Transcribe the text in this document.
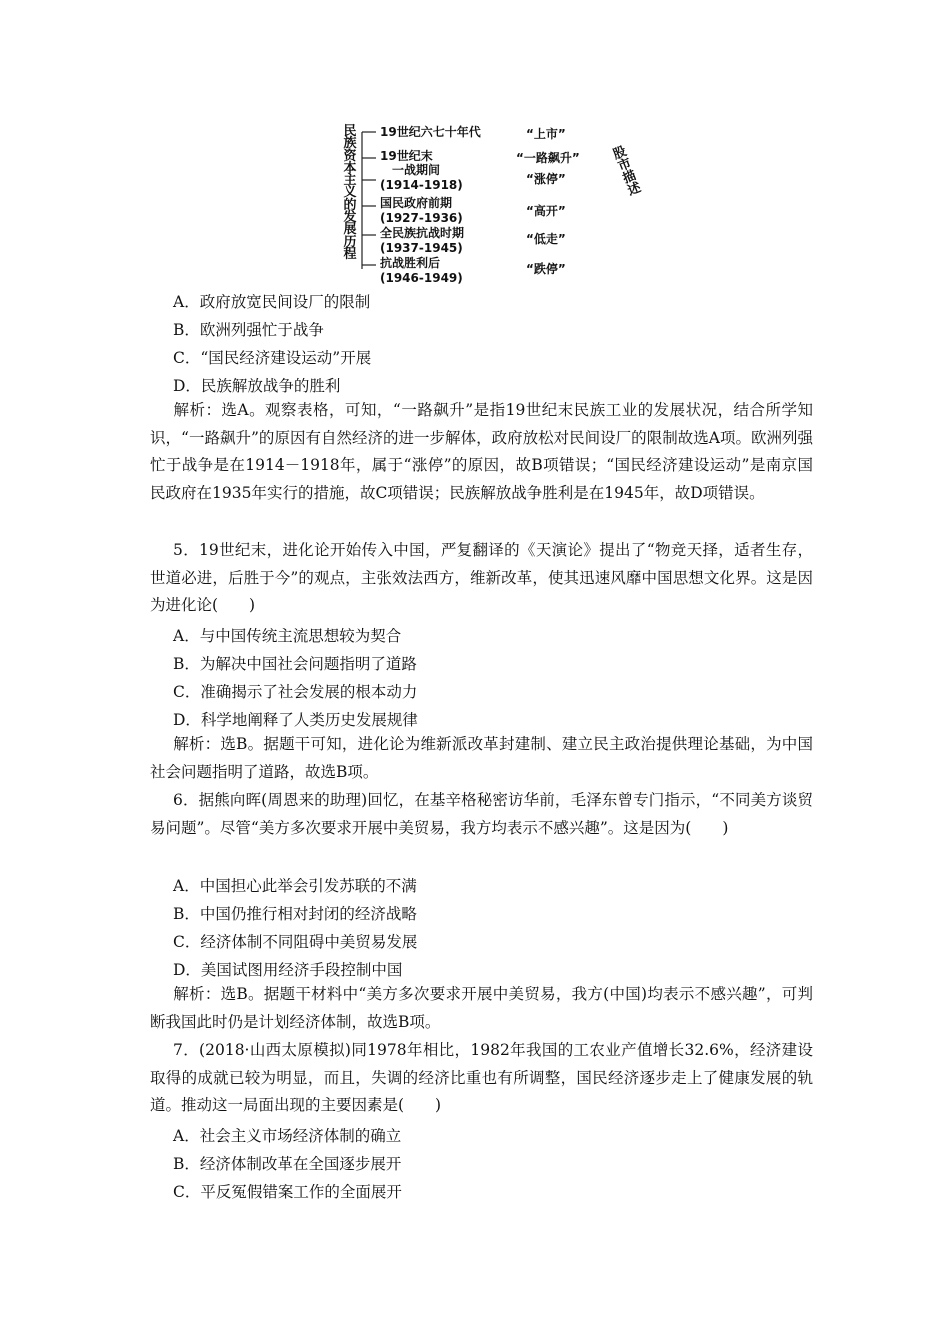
民
族
资
本
主
义
的
发
展
历
程
19世纪六七十年代
19世纪末
一战期间
(1914-1918)
国民政府前期
(1927-1936)
全民族抗战时期
(1937-1945)
抗战胜利后
(1946-1949)
“上市”
“一路飙升”
“涨停”
“高开”
“低走”
“跌停”
股
市
描
述
A．政府放宽民间设厂的限制
B．欧洲列强忙于战争
C．“国民经济建设运动”开展
D．民族解放战争的胜利
解析：选A。观察表格，可知，“一路飙升”是指19世纪末民族工业的发展状况，结合所学知识，“一路飙升”的原因有自然经济的进一步解体，政府放松对民间设厂的限制故选A项。欧洲列强忙于战争是在1914－1918年，属于“涨停”的原因，故B项错误；“国民经济建设运动”是南京国民政府在1935年实行的措施，故C项错误；民族解放战争胜利是在1945年，故D项错误。
5．19世纪末，进化论开始传入中国，严复翻译的《天演论》提出了“物竞天择，适者生存，世道必进，后胜于今”的观点，主张效法西方，维新改革，使其迅速风靡中国思想文化界。这是因为进化论(　　)
A．与中国传统主流思想较为契合
B．为解决中国社会问题指明了道路
C．准确揭示了社会发展的根本动力
D．科学地阐释了人类历史发展规律
解析：选B。据题干可知，进化论为维新派改革封建制、建立民主政治提供理论基础，为中国社会问题指明了道路，故选B项。
6．据熊向晖(周恩来的助理)回忆，在基辛格秘密访华前，毛泽东曾专门指示，“不同美方谈贸易问题”。尽管“美方多次要求开展中美贸易，我方均表示不感兴趣”。这是因为(　　)
A．中国担心此举会引发苏联的不满
B．中国仍推行相对封闭的经济战略
C．经济体制不同阻碍中美贸易发展
D．美国试图用经济手段控制中国
解析：选B。据题干材料中“美方多次要求开展中美贸易，我方(中国)均表示不感兴趣”，可判断我国此时仍是计划经济体制，故选B项。
7．(2018·山西太原模拟)同1978年相比，1982年我国的工农业产值增长32.6%，经济建设取得的成就已较为明显，而且，失调的经济比重也有所调整，国民经济逐步走上了健康发展的轨道。推动这一局面出现的主要因素是(　　)
A．社会主义市场经济体制的确立
B．经济体制改革在全国逐步展开
C．平反冤假错案工作的全面展开
